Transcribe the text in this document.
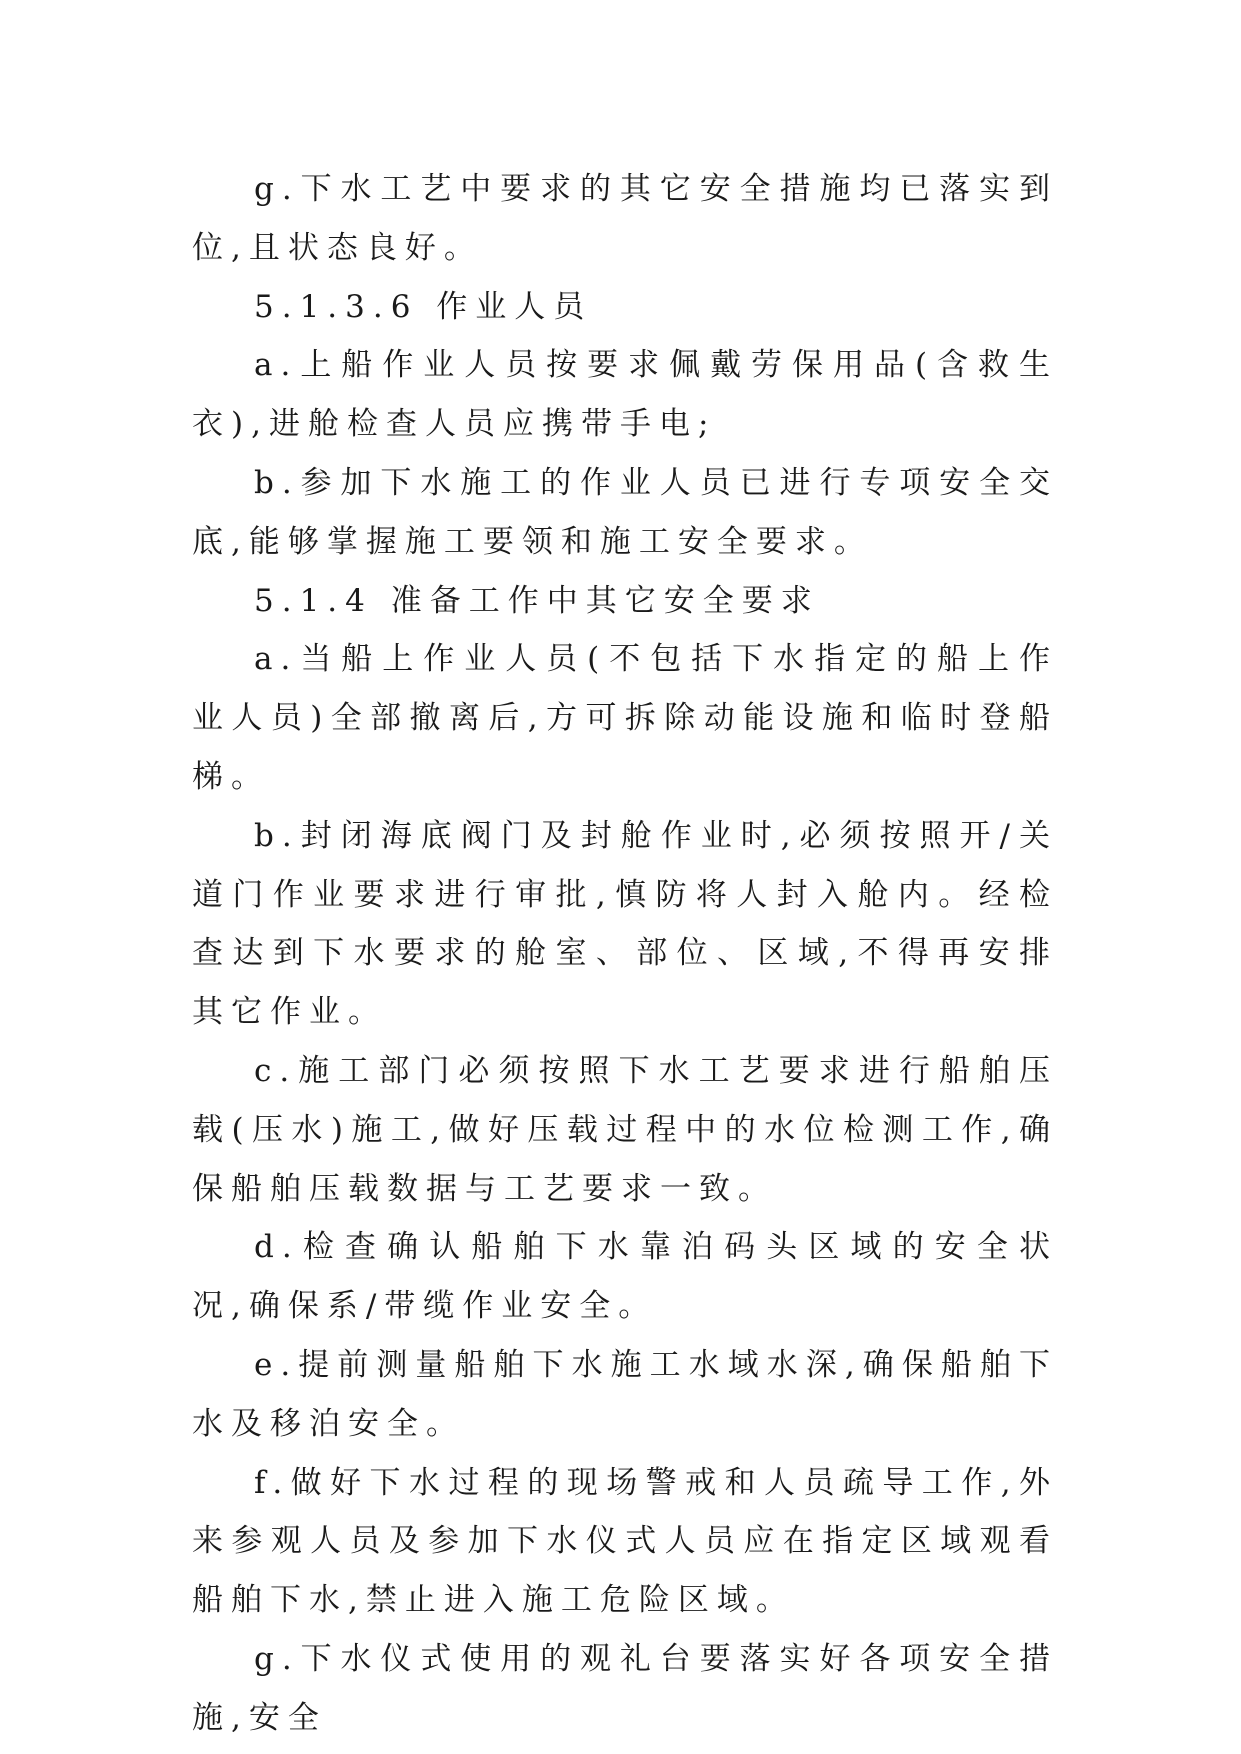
g.下水工艺中要求的其它安全措施均已落实到位,且状态良好。

5.1.3.6 作业人员

a.上船作业人员按要求佩戴劳保用品(含救生衣),进舱检查人员应携带手电;

b.参加下水施工的作业人员已进行专项安全交底,能够掌握施工要领和施工安全要求。

5.1.4 准备工作中其它安全要求

a.当船上作业人员(不包括下水指定的船上作业人员)全部撤离后,方可拆除动能设施和临时登船梯。

b.封闭海底阀门及封舱作业时,必须按照开/关道门作业要求进行审批,慎防将人封入舱内。经检查达到下水要求的舱室、部位、区域,不得再安排其它作业。

c.施工部门必须按照下水工艺要求进行船舶压载(压水)施工,做好压载过程中的水位检测工作,确保船舶压载数据与工艺要求一致。

d.检查确认船舶下水靠泊码头区域的安全状况,确保系/带缆作业安全。

e.提前测量船舶下水施工水域水深,确保船舶下水及移泊安全。

f.做好下水过程的现场警戒和人员疏导工作,外来参观人员及参加下水仪式人员应在指定区域观看船舶下水,禁止进入施工危险区域。

g.下水仪式使用的观礼台要落实好各项安全措施,安全
